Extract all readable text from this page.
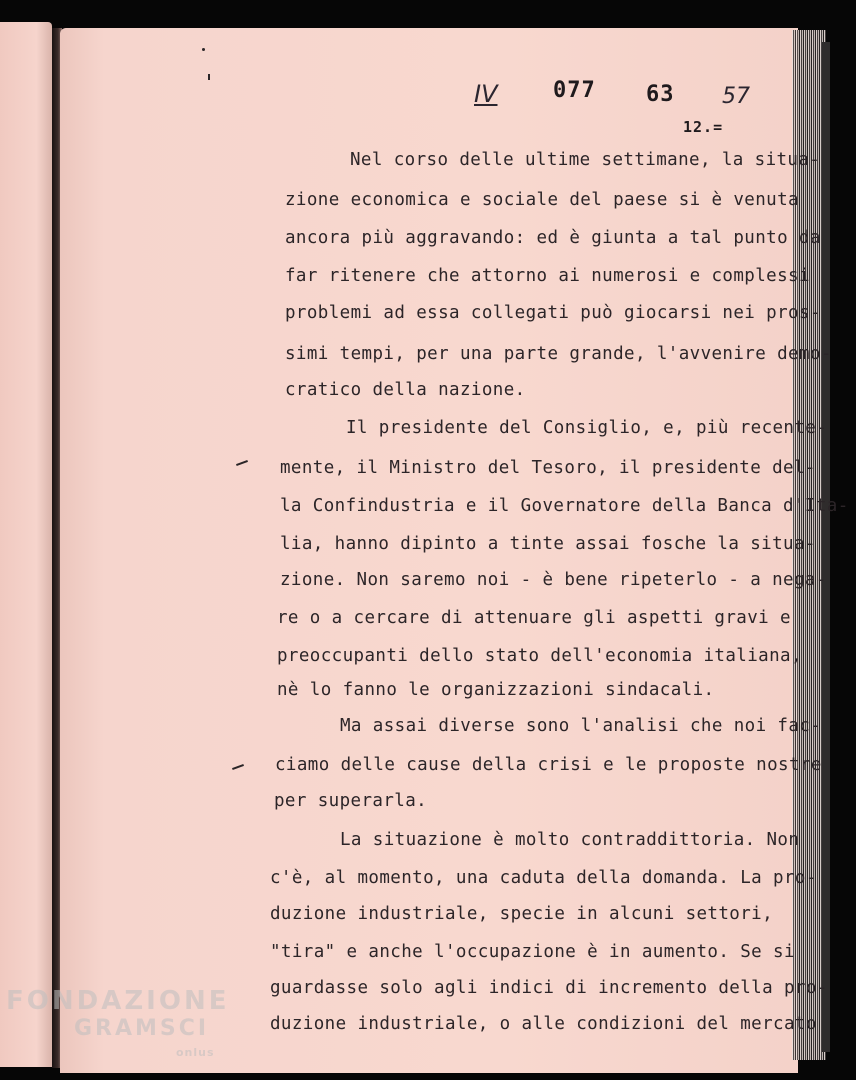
IV	077 63 57
12.=
Nel corso delle ultime settimane, la situa-
zione economica e sociale del paese si è venuta
ancora più aggravando: ed è giunta a tal punto da
far ritenere che attorno ai numerosi e complessi
problemi ad essa collegati può giocarsi nei pros-
simi tempi, per una parte grande, l'avvenire demo-
cratico della nazione.
Il presidente del Consiglio, e, più recente-
mente, il Ministro del Tesoro, il presidente del-
la Confindustria e il Governatore della Banca d'Ita-
lia, hanno dipinto a tinte assai fosche la situa-
zione. Non saremo noi - è bene ripeterlo - a nega-
re o a cercare di attenuare gli aspetti gravi e
preoccupanti dello stato dell'economia italiana,
nè lo fanno le organizzazioni sindacali.
Ma assai diverse sono l'analisi che noi fac-
ciamo delle cause della crisi e le proposte nostre
per superarla.
La situazione è molto contraddittoria. Non
c'è, al momento, una caduta della domanda. La pro-
duzione industriale, specie in alcuni settori,
"tira" e anche l'occupazione è in aumento. Se si
guardasse solo agli indici di incremento della pro-
duzione industriale, o alle condizioni del mercato
FONDAZIONE
GRAMSCI
onlus
